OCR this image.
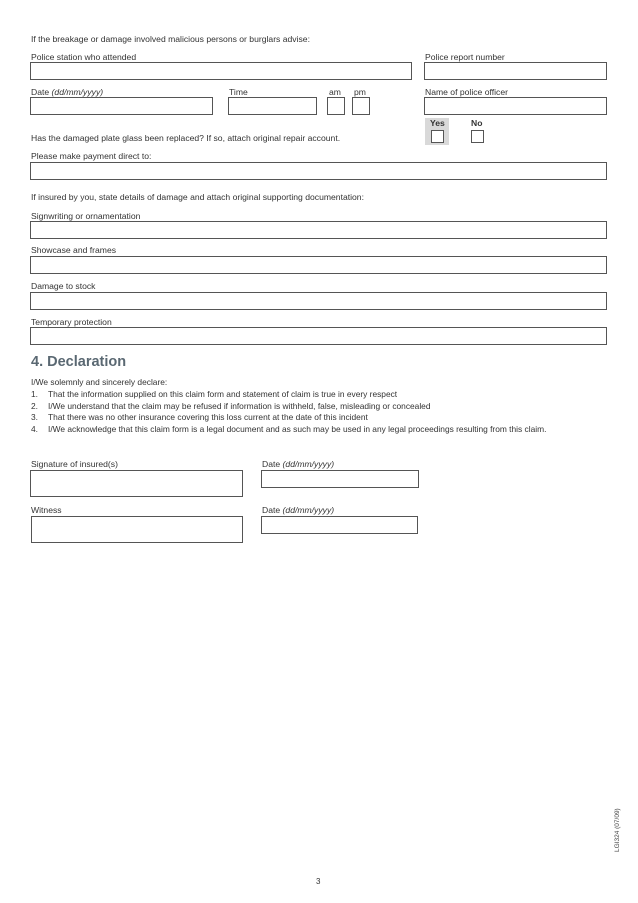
If the breakage or damage involved malicious persons or burglars advise:
Police station who attended	Police report number
Date (dd/mm/yyyy)	Time	am pm	Name of police officer
Yes	No
Has the damaged plate glass been replaced? If so, attach original repair account.
Please make payment direct to:
If insured by you, state details of damage and attach original supporting documentation:
Signwriting or ornamentation
Showcase and frames
Damage to stock
Temporary protection
4. Declaration
I/We solemnly and sincerely declare:
1.	That the information supplied on this claim form and statement of claim is true in every respect
2.	I/We understand that the claim may be refused if information is withheld, false, misleading or concealed
3.	That there was no other insurance covering this loss current at the date of this incident
4.	I/We acknowledge that this claim form is a legal document and as such may be used in any legal proceedings resulting from this claim.
Signature of insured(s)	Date (dd/mm/yyyy)
Witness	Date (dd/mm/yyyy)
LGI324 (07/09)
3
